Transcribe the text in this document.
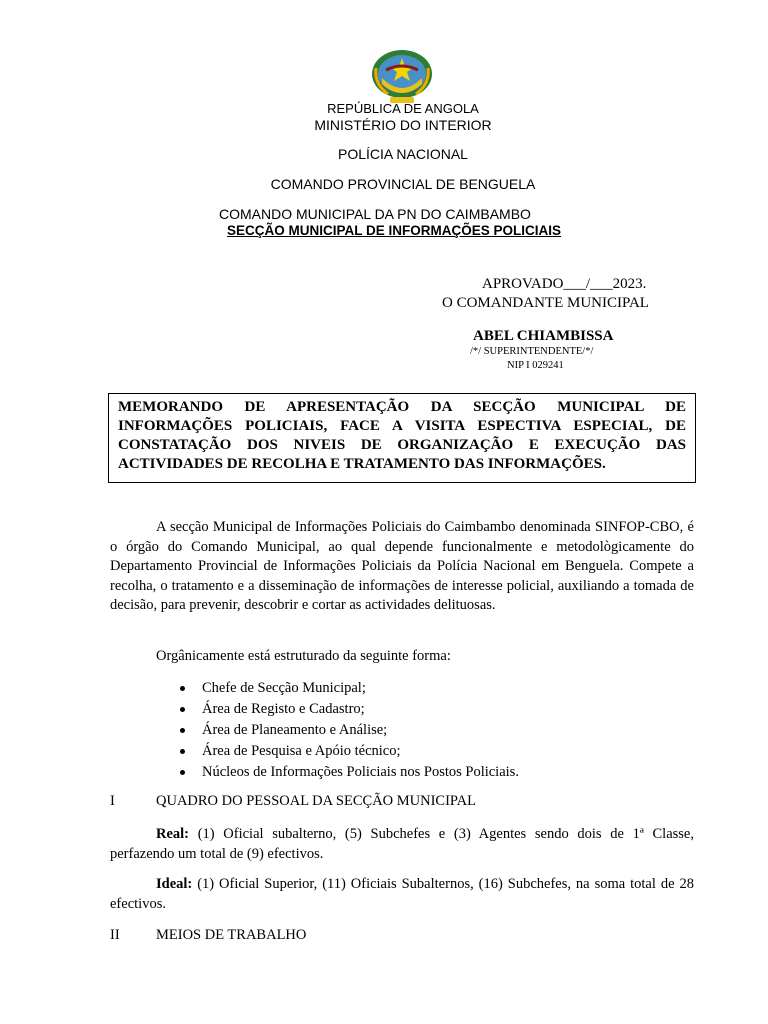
REPÚBLICA DE ANGOLA
MINISTÉRIO DO INTERIOR
POLÍCIA NACIONAL
COMANDO PROVINCIAL DE BENGUELA
COMANDO MUNICIPAL DA PN DO CAIMBAMBO
SECÇÃO MUNICIPAL DE INFORMAÇÕES POLICIAIS
APROVADO___/___2023.
O COMANDANTE MUNICIPAL
ABEL CHIAMBISSA
/*/ SUPERINTENDENTE/*/
NIP I 029241

MEMORANDO DE APRESENTAÇÃO DA SECÇÃO MUNICIPAL DE

INFORMAÇÕES POLICIAIS, FACE A VISITA ESPECTIVA ESPECIAL, DE

CONSTATAÇÃO DOS NIVEIS DE ORGANIZAÇÃO E EXECUÇÃO DAS

ACTIVIDADES DE RECOLHA E TRATAMENTO DAS INFORMAÇÕES.

A secção Municipal de Informações Policiais do Caimbambo denominada SINFOP-CBO, é o órgão do Comando Municipal, ao qual depende funcionalmente e metodològicamente do Departamento Provincial de Informações Policiais da Polícia Nacional em Benguela. Compete a recolha, o tratamento e a disseminação de informações de interesse policial, auxiliando a tomada de decisão, para prevenir, descobrir e cortar as actividades delituosas.

Orgânicamente está estruturado da seguinte forma:

Chefe de Secção Municipal;
Área de Registo e Cadastro;
Área de Planeamento e Análise;
Área de Pesquisa e Apóio técnico;
Núcleos de Informações Policiais nos Postos Policiais.
I	QUADRO DO PESSOAL DA SECÇÃO MUNICIPAL

Real: (1) Oficial subalterno, (5) Subchefes e (3) Agentes sendo dois de 1ª Classe, perfazendo um total de (9) efectivos.

Ideal: (1) Oficial Superior, (11) Oficiais Subalternos, (16) Subchefes, na soma total de 28 efectivos.

II	MEIOS DE TRABALHO
